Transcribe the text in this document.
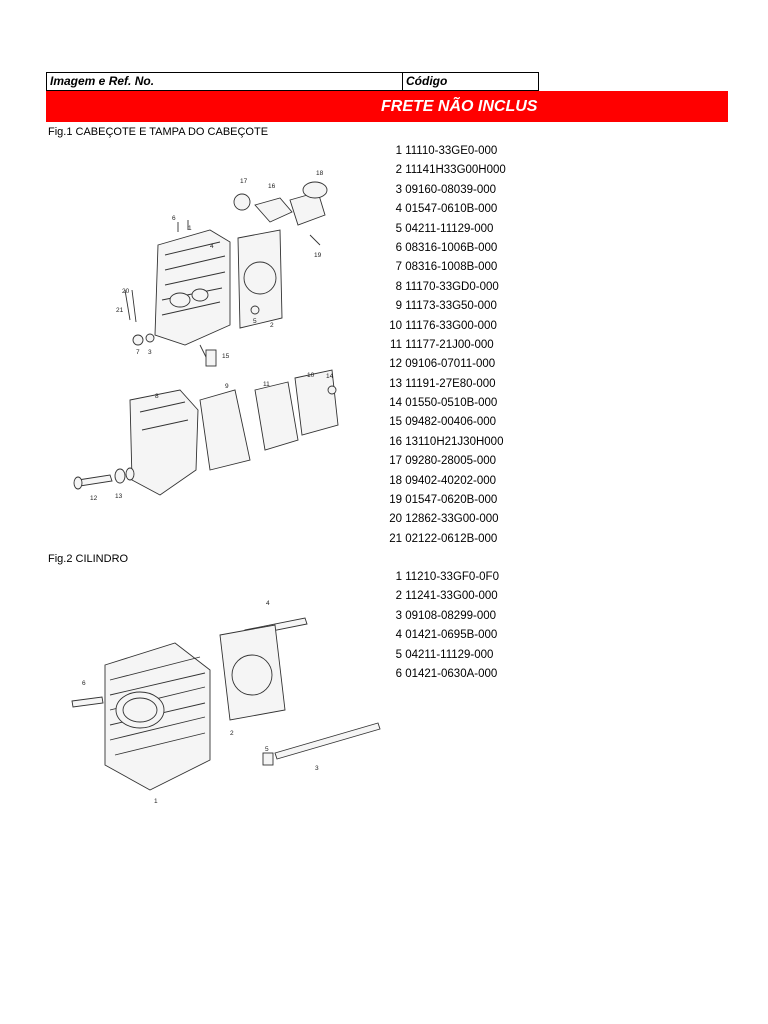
Imagem e Ref. No.	Código
FRETE NÃO INCLUS
Fig.1 CABEÇOTE E TAMPA DO CABEÇOTE
17
16
18
6
1
4
19
20
21
5
2
7 3
15
8
9	11
10 14
12	13
1 11110-33GE0-000
2 11141H33G00H000
3 09160-08039-000
4 01547-0610B-000
5 04211-11129-000
6 08316-1006B-000
7 08316-1008B-000
8 11170-33GD0-000
9 11173-33G50-000
10 11176-33G00-000
11 11177-21J00-000
12 09106-07011-000
13 11191-27E80-000
14 01550-0510B-000
15 09482-00406-000
16 13110H21J30H000
17 09280-28005-000
18 09402-40202-000
19 01547-0620B-000
20 12862-33G00-000
21 02122-0612B-000
Fig.2 CILINDRO
4
6
2
5
3
1
1 11210-33GF0-0F0
2 11241-33G00-000
3 09108-08299-000
4 01421-0695B-000
5 04211-11129-000
6 01421-0630A-000
